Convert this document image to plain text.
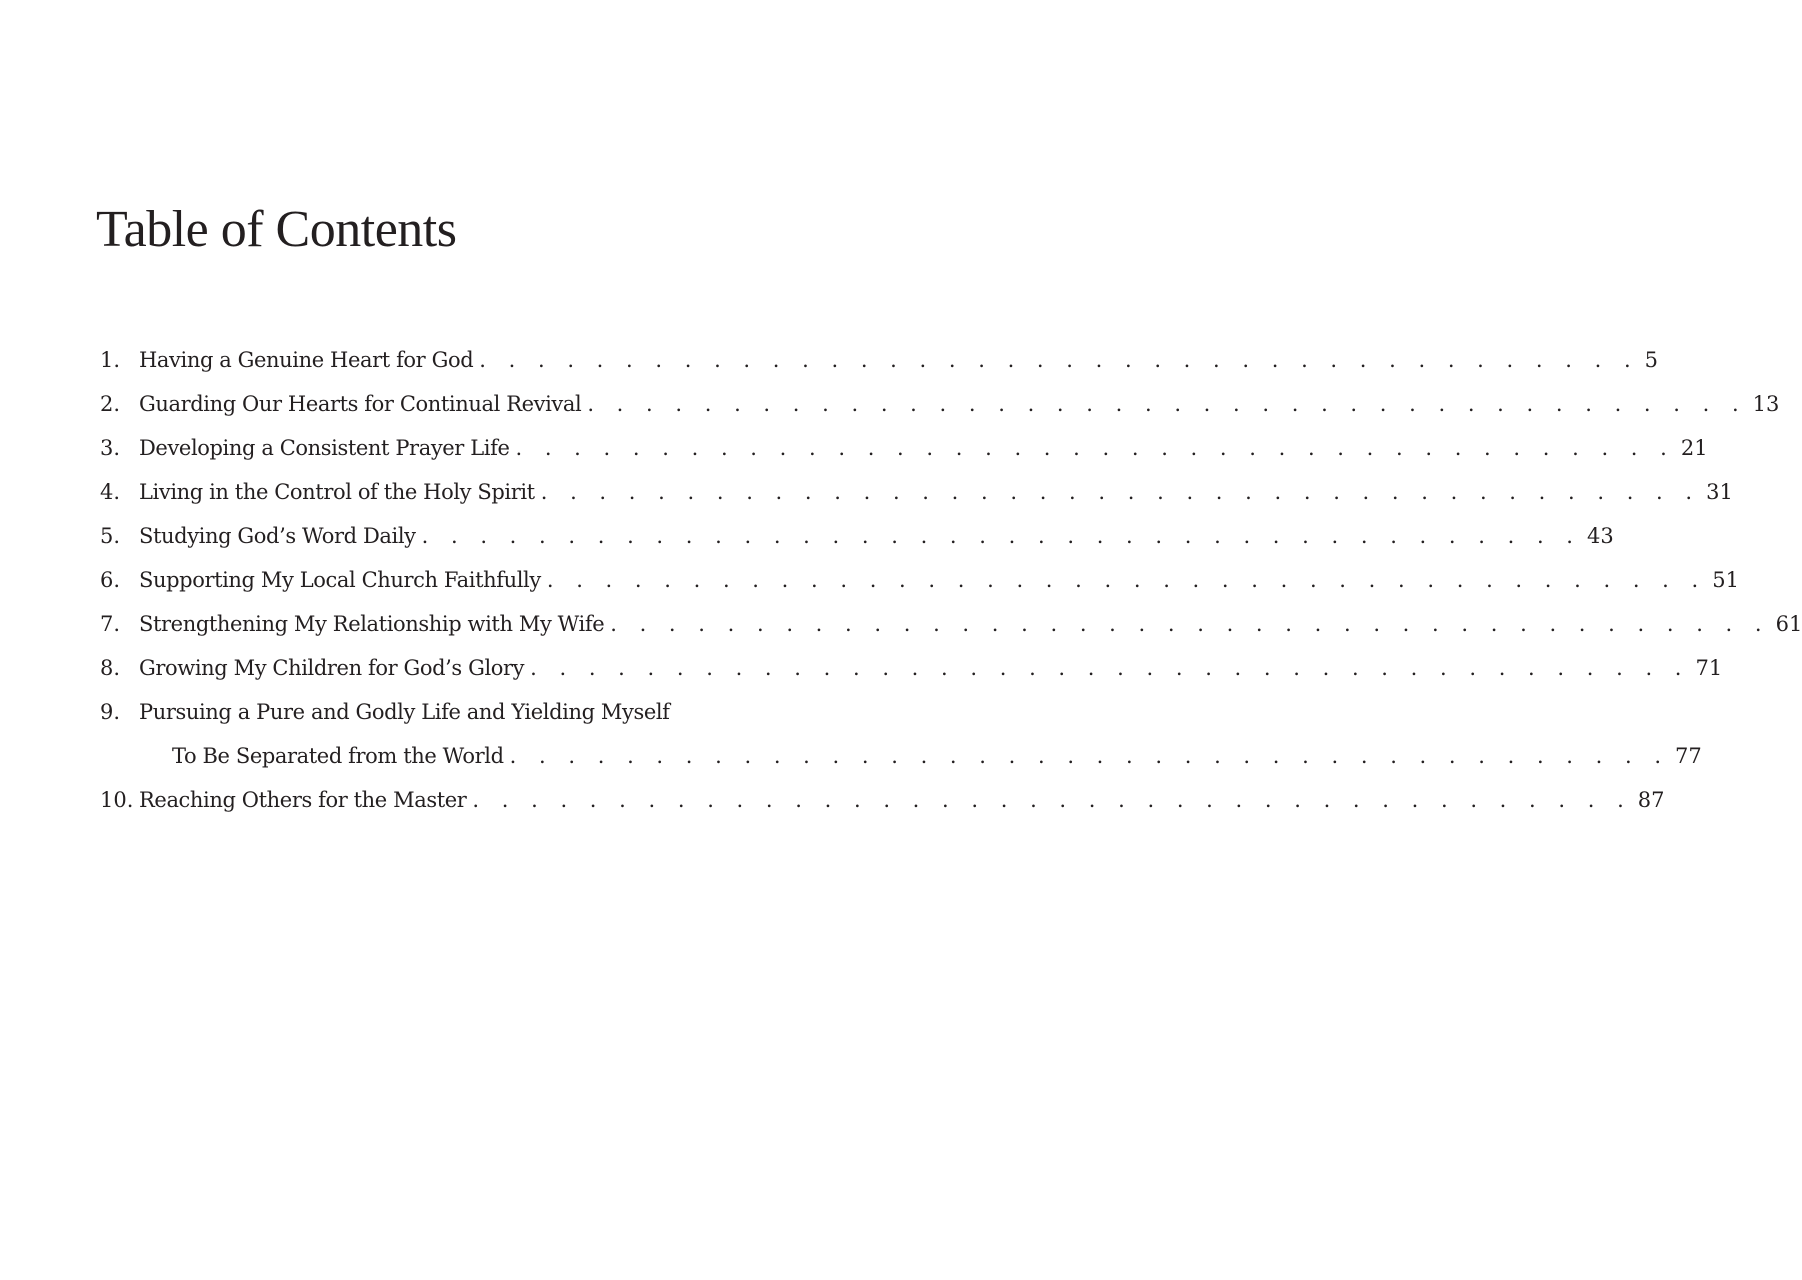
Table of Contents
1. Having a Genuine Heart for God . . . . . . . . . . . . . . . . . . . . . . . . . . . . . . . . . . . . . . . . 5
2. Guarding Our Hearts for Continual Revival . . . . . . . . . . . . . . . . . . . . . . . . . . . . . . . . . . . . . . . . 13
3. Developing a Consistent Prayer Life . . . . . . . . . . . . . . . . . . . . . . . . . . . . . . . . . . . . . . . . 21
4. Living in the Control of the Holy Spirit . . . . . . . . . . . . . . . . . . . . . . . . . . . . . . . . . . . . . . . . 31
5. Studying God’s Word Daily . . . . . . . . . . . . . . . . . . . . . . . . . . . . . . . . . . . . . . . . 43
6. Supporting My Local Church Faithfully . . . . . . . . . . . . . . . . . . . . . . . . . . . . . . . . . . . . . . . . 51
7. Strengthening My Relationship with My Wife . . . . . . . . . . . . . . . . . . . . . . . . . . . . . . . . . . . . . . . . 61
8. Growing My Children for God’s Glory . . . . . . . . . . . . . . . . . . . . . . . . . . . . . . . . . . . . . . . . 71
9. Pursuing a Pure and Godly Life and Yielding Myself
To Be Separated from the World . . . . . . . . . . . . . . . . . . . . . . . . . . . . . . . . . . . . . . . . 77
10. Reaching Others for the Master . . . . . . . . . . . . . . . . . . . . . . . . . . . . . . . . . . . . . . . . 87
